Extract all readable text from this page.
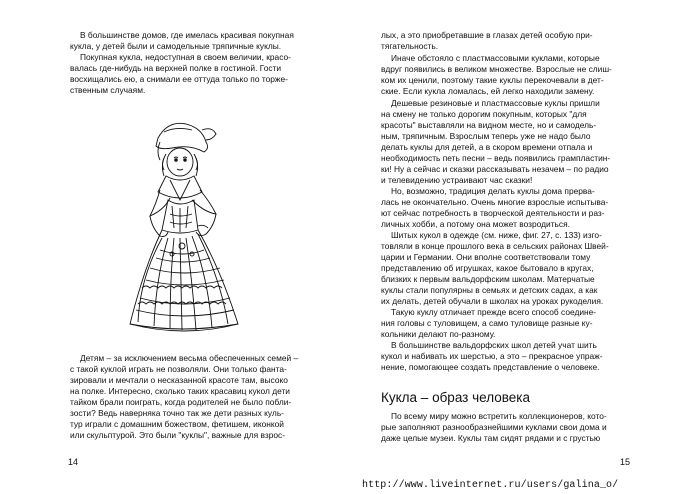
В большинстве домов, где имелась красивая покупная
кукла, у детей были и самодельные тряпичные куклы.
Покупная кукла, недоступная в своем величии, красо-
валась где-нибудь на верхней полке в гостиной. Гости
восхищались ею, а снимали ее оттуда только по торже-
ственным случаям.
Детям – за исключением весьма обеспеченных семей –
с такой куклой играть не позволяли. Они только фанта-
зировали и мечтали о несказанной красоте там, высоко
на полке. Интересно, сколько таких красавиц кукол дети
тайком брали поиграть, когда родителей не было побли-
зости? Ведь наверняка точно так же дети разных куль-
тур играли с домашним божеством, фетишем, иконкой
или скульптурой. Это были "куклы", важные для взрос-
14
лых, а это приобретавшие в глазах детей особую при-
тягательность.
Иначе обстояло с пластмассовыми куклами, которые
вдруг появились в великом множестве. Взрослые не слиш-
ком их ценили, поэтому такие куклы перекочевали в дет-
ские. Если кукла ломалась, ей легко находили замену.
Дешевые резиновые и пластмассовые куклы пришли
на смену не только дорогим покупным, которых "для
красоты" выставляли на видном месте, но и самодель-
ным, тряпичным. Взрослым теперь уже не надо было
делать куклы для детей, а в скором времени отпала и
необходимость петь песни – ведь появились грампластин-
ки! Ну а сейчас и сказки рассказывать незачем – по радио
и телевидению устраивают час сказки!
Но, возможно, традиция делать куклы дома прерва-
лась не окончательно. Очень многие взрослые испытыва-
ют сейчас потребность в творческой деятельности и раз-
личных хобби, а потому она может возродиться.
Шитых кукол в одежде (см. ниже, фиг. 27, с. 133) изго-
товляли в конце прошлого века в сельских районах Швей-
царии и Германии. Они вполне соответствовали тому
представлению об игрушках, какое бытовало в кругах,
близких к первым вальдорфским школам. Матерчатые
куклы стали популярны в семьях и детских садах, а как
их делать, детей обучали в школах на уроках рукоделия.
Такую куклу отличает прежде всего способ соедине-
ния головы с туловищем, а само туловище разные ку-
кольники делают по-разному.
В большинстве вальдорфских школ детей учат шить
кукол и набивать их шерстью, а это – прекрасное упраж-
нение, помогающее создать представление о человеке.
Кукла – образ человека
По всему миру можно встретить коллекционеров, кото-
рые заполняют разнообразнейшими куклами свои дома и
даже целые музеи. Куклы там сидят рядами и с грустью
15
http://www.liveinternet.ru/users/galina_o/
